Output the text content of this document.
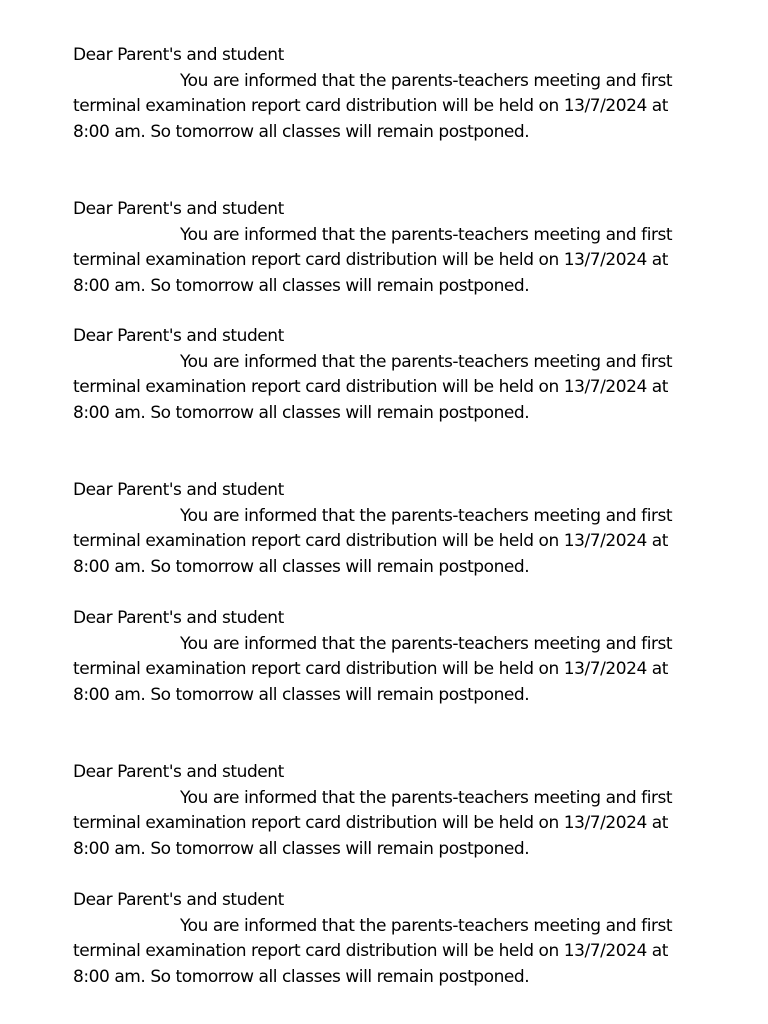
Dear Parent's and student
You are informed that the parents-teachers meeting and first
terminal examination report card distribution will be held on 13/7/2024 at
8:00 am. So tomorrow all classes will remain postponed.
Dear Parent's and student
You are informed that the parents-teachers meeting and first
terminal examination report card distribution will be held on 13/7/2024 at
8:00 am. So tomorrow all classes will remain postponed.
Dear Parent's and student
You are informed that the parents-teachers meeting and first
terminal examination report card distribution will be held on 13/7/2024 at
8:00 am. So tomorrow all classes will remain postponed.
Dear Parent's and student
You are informed that the parents-teachers meeting and first
terminal examination report card distribution will be held on 13/7/2024 at
8:00 am. So tomorrow all classes will remain postponed.
Dear Parent's and student
You are informed that the parents-teachers meeting and first
terminal examination report card distribution will be held on 13/7/2024 at
8:00 am. So tomorrow all classes will remain postponed.
Dear Parent's and student
You are informed that the parents-teachers meeting and first
terminal examination report card distribution will be held on 13/7/2024 at
8:00 am. So tomorrow all classes will remain postponed.
Dear Parent's and student
You are informed that the parents-teachers meeting and first
terminal examination report card distribution will be held on 13/7/2024 at
8:00 am. So tomorrow all classes will remain postponed.
